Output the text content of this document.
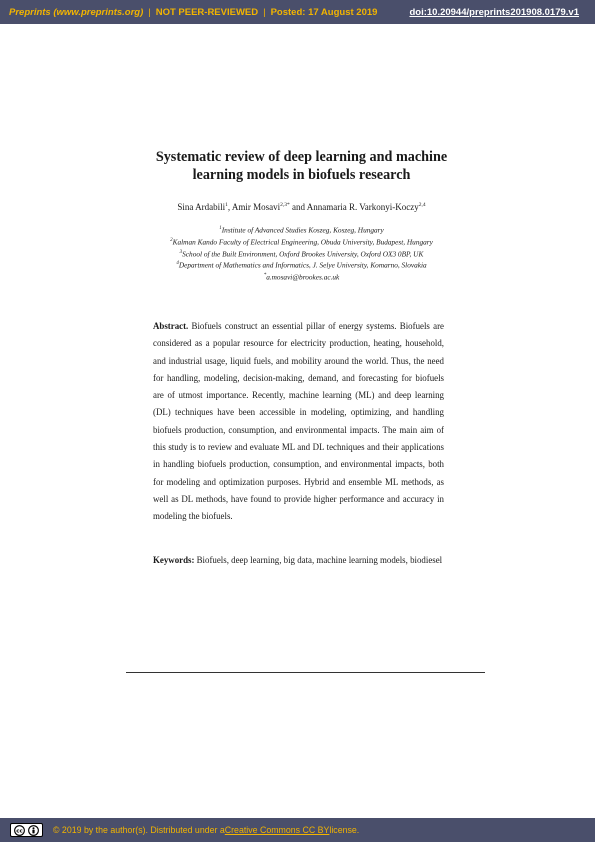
Preprints (www.preprints.org) | NOT PEER-REVIEWED | Posted: 17 August 2019	doi:10.20944/preprints201908.0179.v1
Systematic review of deep learning and machine
learning models in biofuels research
Sina Ardabili$^1$, Amir Mosavi$^{2,3*}$ and Annamaria R. Varkonyi-Koczy$^{2,4}$
$^1$Institute of Advanced Studies Koszeg, Koszeg, Hungary
$^2$Kalman Kando Faculty of Electrical Engineering, Obuda University, Budapest, Hungary
$^3$School of the Built Environment, Oxford Brookes University, Oxford OX3 0BP, UK
$^4$Department of Mathematics and Informatics, J. Selye University, Komarno, Slovakia
*a.mosavi@brookes.ac.uk
Abstract. Biofuels construct an essential pillar of energy systems. Biofuels are considered as a popular resource for electricity production, heating, household, and industrial usage, liquid fuels, and mobility around the world. Thus, the need for handling, modeling, decision-making, demand, and forecasting for biofuels are of utmost importance. Recently, machine learning (ML) and deep learning (DL) techniques have been accessible in modeling, optimizing, and handling biofuels production, consumption, and environmental impacts. The main aim of this study is to review and evaluate ML and DL techniques and their applications in handling biofuels production, consumption, and environmental impacts, both for modeling and optimization purposes. Hybrid and ensemble ML methods, as well as DL methods, have found to provide higher performance and accuracy in modeling the biofuels.
Keywords: Biofuels, deep learning, big data, machine learning models, biodiesel
cc	© 2019 by the author(s). Distributed under a Creative Commons CC BY license.
